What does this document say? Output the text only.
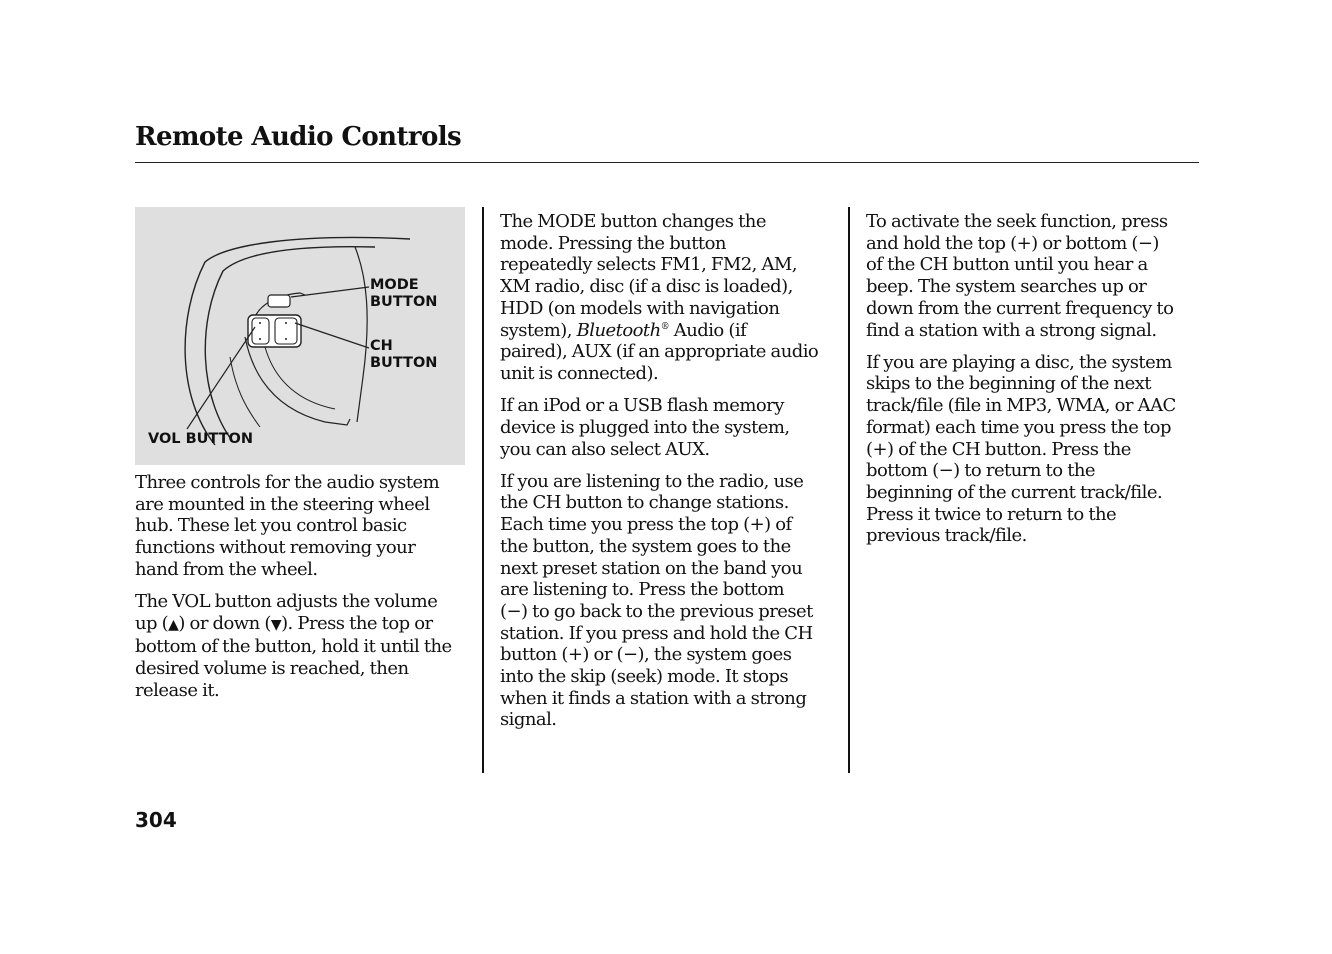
Remote Audio Controls
MODE
BUTTON
CH
BUTTON
VOL BUTTON

Three controls for the audio system
are mounted in the steering wheel
hub. These let you control basic
functions without removing your
hand from the wheel.

The VOL button adjusts the volume
up (▲) or down (▼). Press the top or
bottom of the button, hold it until the
desired volume is reached, then
release it.

The MODE button changes the
mode. Pressing the button
repeatedly selects FM1, FM2, AM,
XM radio, disc (if a disc is loaded),
HDD (on models with navigation
system), Bluetooth® Audio (if
paired), AUX (if an appropriate audio
unit is connected).

If an iPod or a USB flash memory
device is plugged into the system,
you can also select AUX.

If you are listening to the radio, use
the CH button to change stations.
Each time you press the top (+) of
the button, the system goes to the
next preset station on the band you
are listening to. Press the bottom
(−) to go back to the previous preset
station. If you press and hold the CH
button (+) or (−), the system goes
into the skip (seek) mode. It stops
when it finds a station with a strong
signal.

To activate the seek function, press
and hold the top (+) or bottom (−)
of the CH button until you hear a
beep. The system searches up or
down from the current frequency to
find a station with a strong signal.

If you are playing a disc, the system
skips to the beginning of the next
track/file (file in MP3, WMA, or AAC
format) each time you press the top
(+) of the CH button. Press the
bottom (−) to return to the
beginning of the current track/file.
Press it twice to return to the
previous track/file.

304
